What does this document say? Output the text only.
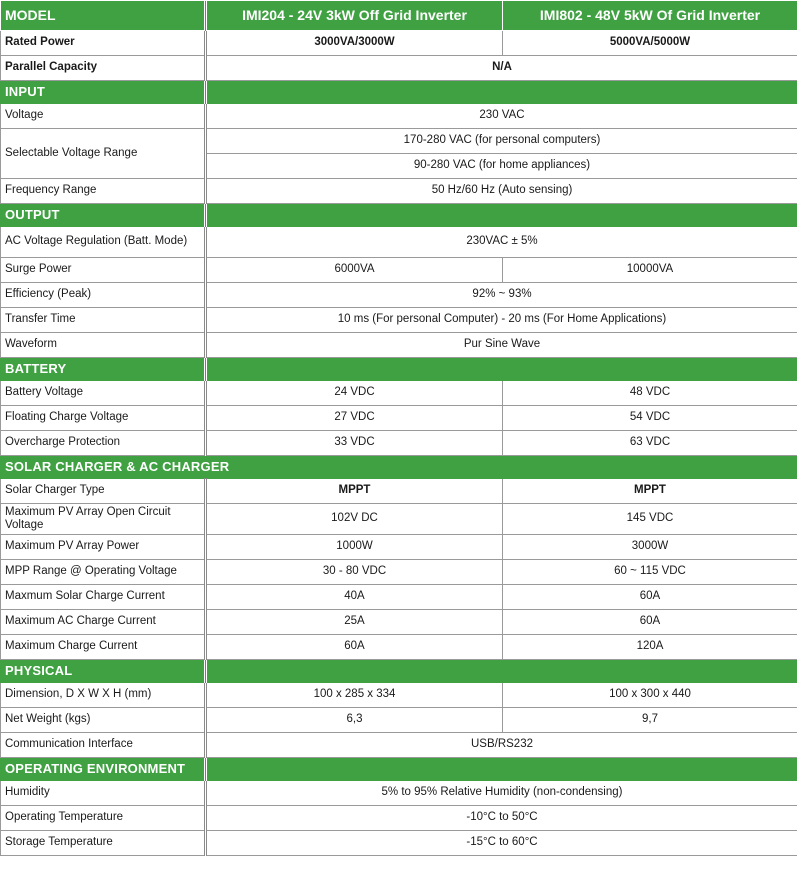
MODEL	IMI204 - 24V 3kW Off Grid Inverter	IMI802 - 48V 5kW Of Grid Inverter
Rated Power	3000VA/3000W	5000VA/5000W
Parallel Capacity	N/A	
INPUT		
Voltage	230 VAC	
Selectable Voltage Range	170-280 VAC (for personal computers)	
	90-280 VAC (for home appliances)	
Frequency Range	50 Hz/60 Hz (Auto sensing)	
OUTPUT		
AC Voltage Regulation (Batt. Mode)	230VAC ± 5%	
Surge Power	6000VA	10000VA
Efficiency (Peak)	92% ~ 93%	
Transfer Time	10 ms (For personal Computer) - 20 ms (For Home Applications)	
Waveform	Pur Sine Wave	
BATTERY		
Battery Voltage	24 VDC	48 VDC
Floating Charge Voltage	27 VDC	54 VDC
Overcharge Protection	33 VDC	63 VDC
SOLAR CHARGER & AC CHARGER		
Solar Charger Type	MPPT	MPPT
Maximum PV Array Open Circuit Voltage	102V DC	145 VDC
Maximum PV Array Power	1000W	3000W
MPP Range @ Operating Voltage	30 - 80 VDC	60 ~ 115 VDC
Maxmum Solar Charge Current	40A	60A
Maximum AC Charge Current	25A	60A
Maximum Charge Current	60A	120A
PHYSICAL		
Dimension, D X W X H (mm)	100 x 285 x 334	100 x 300 x 440
Net Weight (kgs)	6,3	9,7
Communication Interface	USB/RS232	
OPERATING ENVIRONMENT		
Humidity	5% to 95% Relative Humidity (non-condensing)	
Operating Temperature	-10°C to 50°C	
Storage Temperature	-15°C to 60°C	
